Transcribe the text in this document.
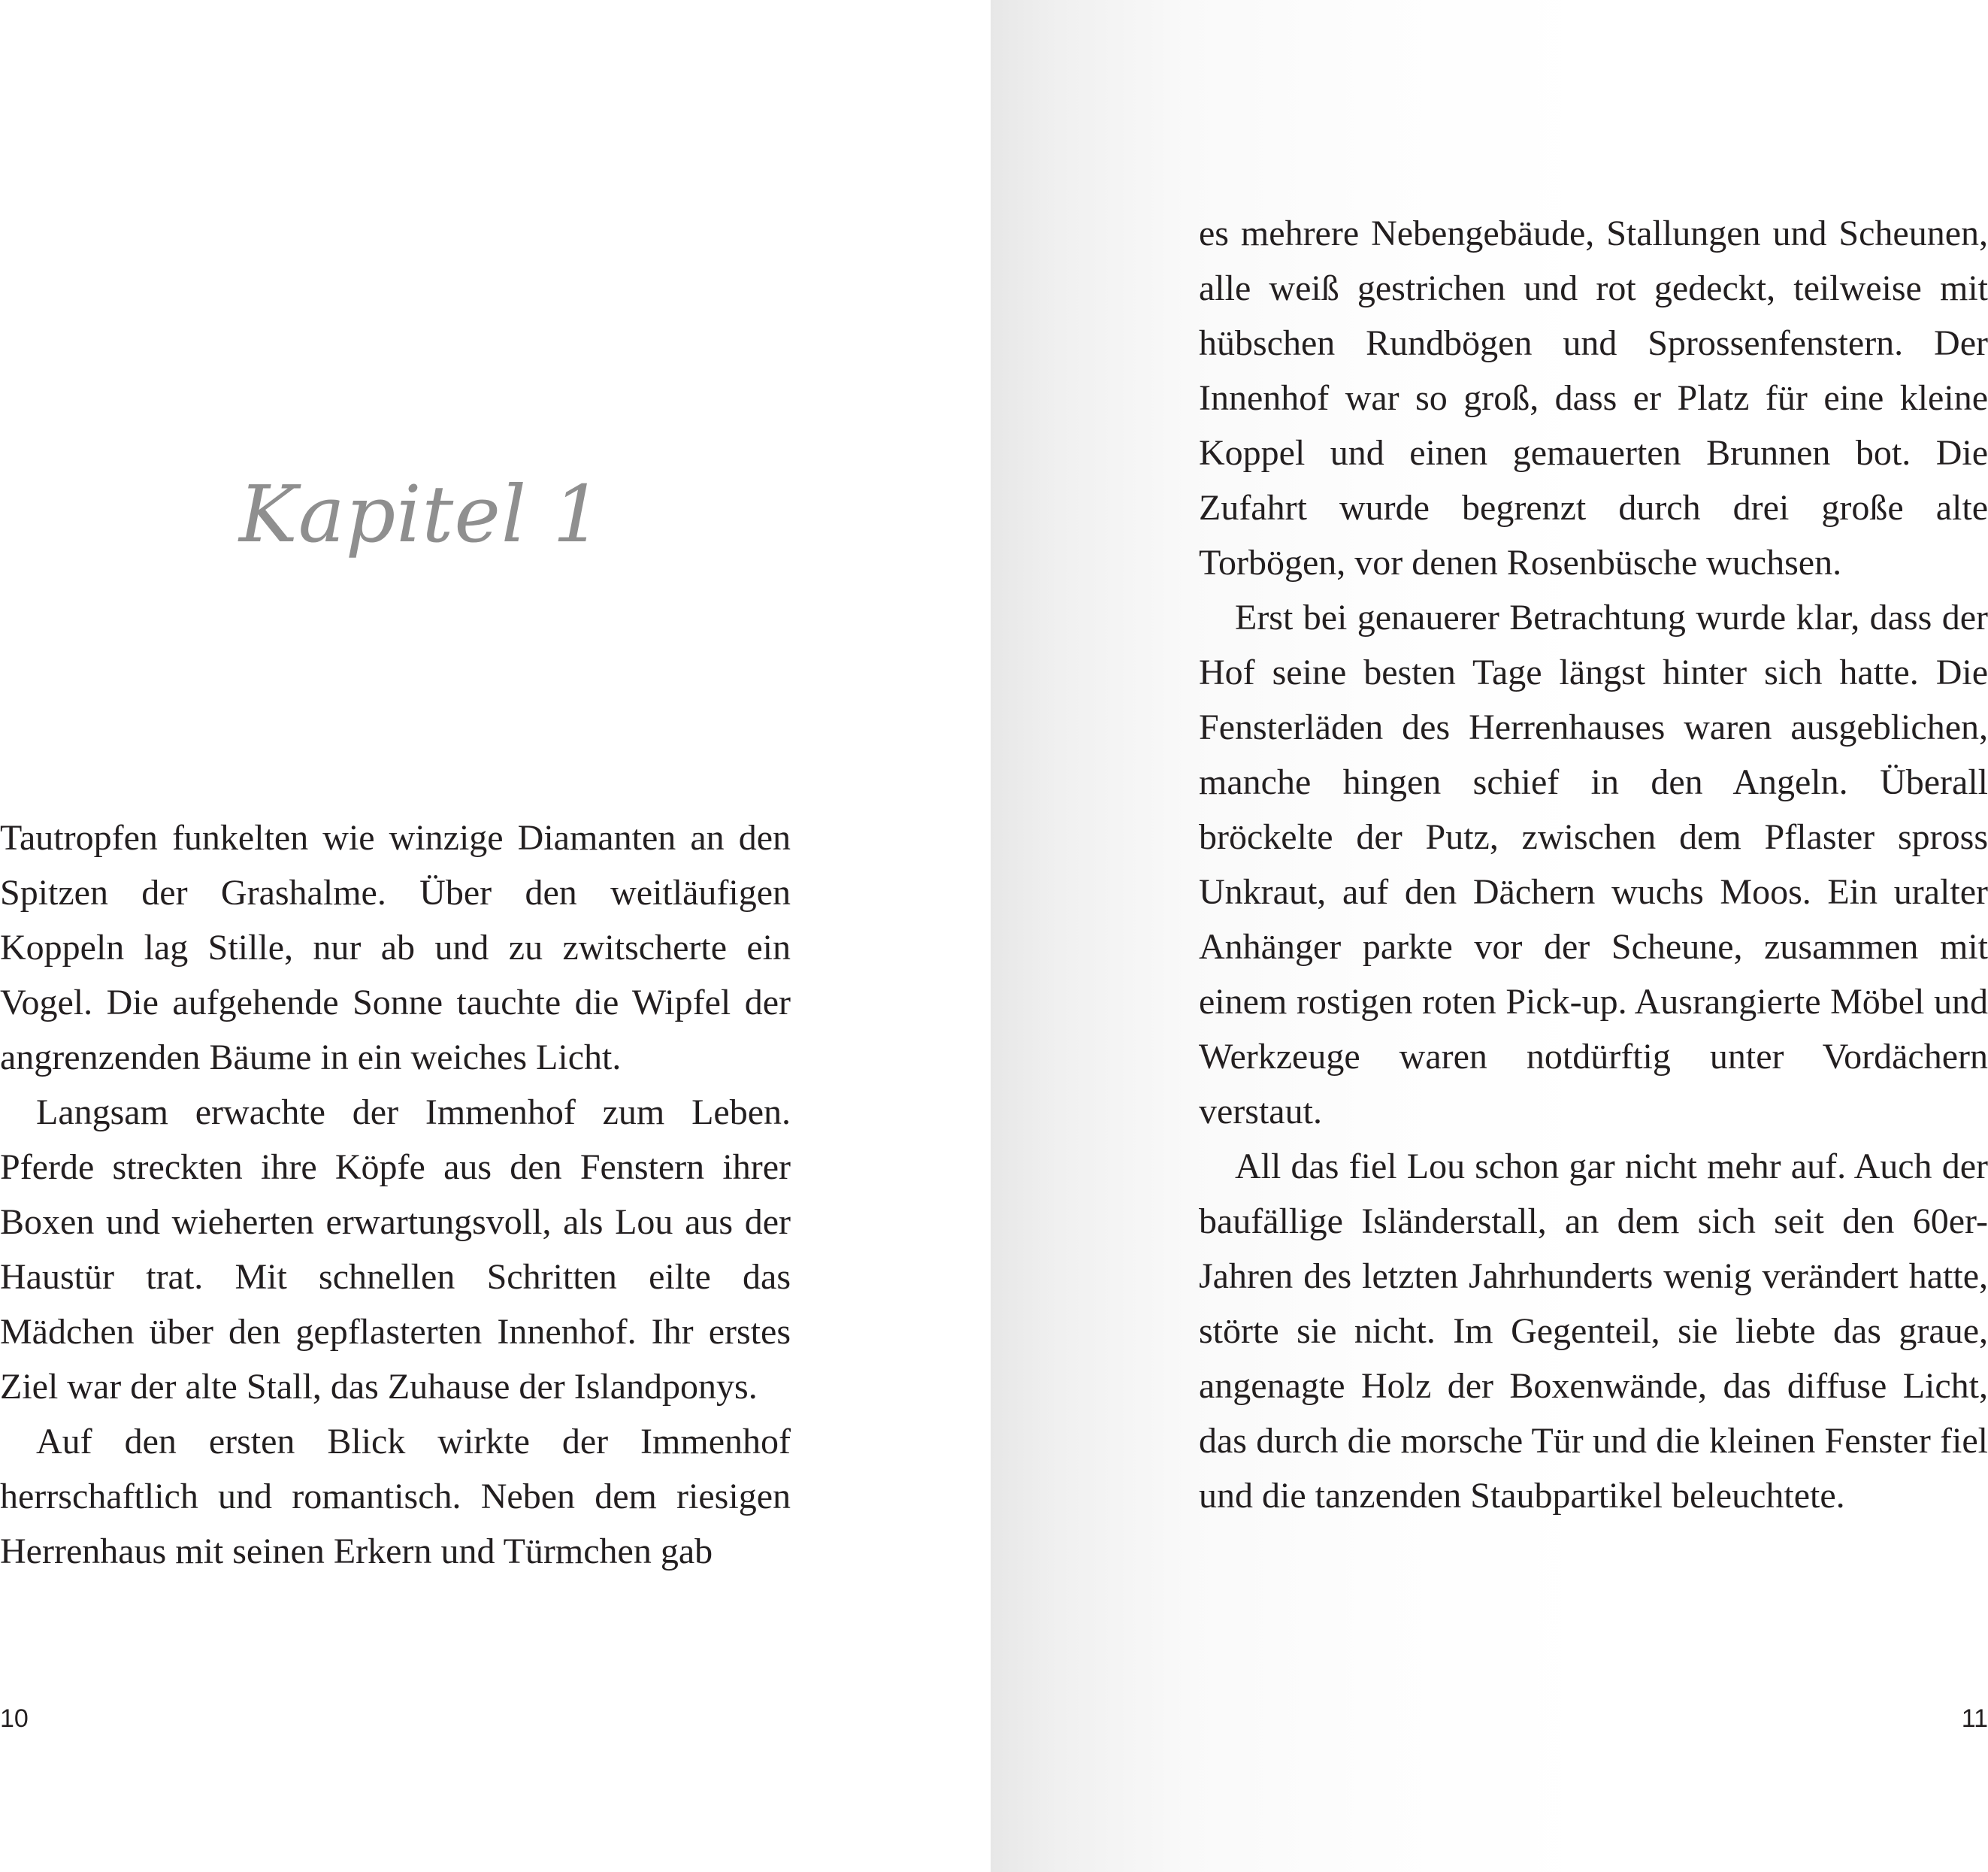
Kapitel 1

Tautropfen funkelten wie winzige Diamanten an den Spitzen der Grashalme. Über den weitläufigen Koppeln lag Stille, nur ab und zu zwitscherte ein Vogel. Die aufgehende Sonne tauchte die Wipfel der angrenzenden Bäume in ein weiches Licht.

Langsam erwachte der Immenhof zum Leben. Pferde streckten ihre Köpfe aus den Fenstern ihrer Boxen und wieherten erwartungsvoll, als Lou aus der Haustür trat. Mit schnellen Schritten eilte das Mädchen über den gepflasterten Innenhof. Ihr erstes Ziel war der alte Stall, das Zuhause der Islandponys.

Auf den ersten Blick wirkte der Immenhof herrschaftlich und romantisch. Neben dem riesigen Herrenhaus mit seinen Erkern und Türmchen gab

10	11

es mehrere Nebengebäude, Stallungen und Scheunen, alle weiß gestrichen und rot gedeckt, teilweise mit hübschen Rundbögen und Sprossenfenstern. Der Innenhof war so groß, dass er Platz für eine kleine Koppel und einen gemauerten Brunnen bot. Die Zufahrt wurde begrenzt durch drei große alte Torbögen, vor denen Rosenbüsche wuchsen.

Erst bei genauerer Betrachtung wurde klar, dass der Hof seine besten Tage längst hinter sich hatte. Die Fensterläden des Herrenhauses waren ausgeblichen, manche hingen schief in den Angeln. Überall bröckelte der Putz, zwischen dem Pflaster spross Unkraut, auf den Dächern wuchs Moos. Ein uralter Anhänger parkte vor der Scheune, zusammen mit einem rostigen roten Pick-up. Ausrangierte Möbel und Werkzeuge waren notdürftig unter Vordächern verstaut.

All das fiel Lou schon gar nicht mehr auf. Auch der baufällige Isländerstall, an dem sich seit den 60er-Jahren des letzten Jahrhunderts wenig verändert hatte, störte sie nicht. Im Gegenteil, sie liebte das graue, angenagte Holz der Boxenwände, das diffuse Licht, das durch die morsche Tür und die kleinen Fenster fiel und die tanzenden Staubpartikel beleuchtete.
